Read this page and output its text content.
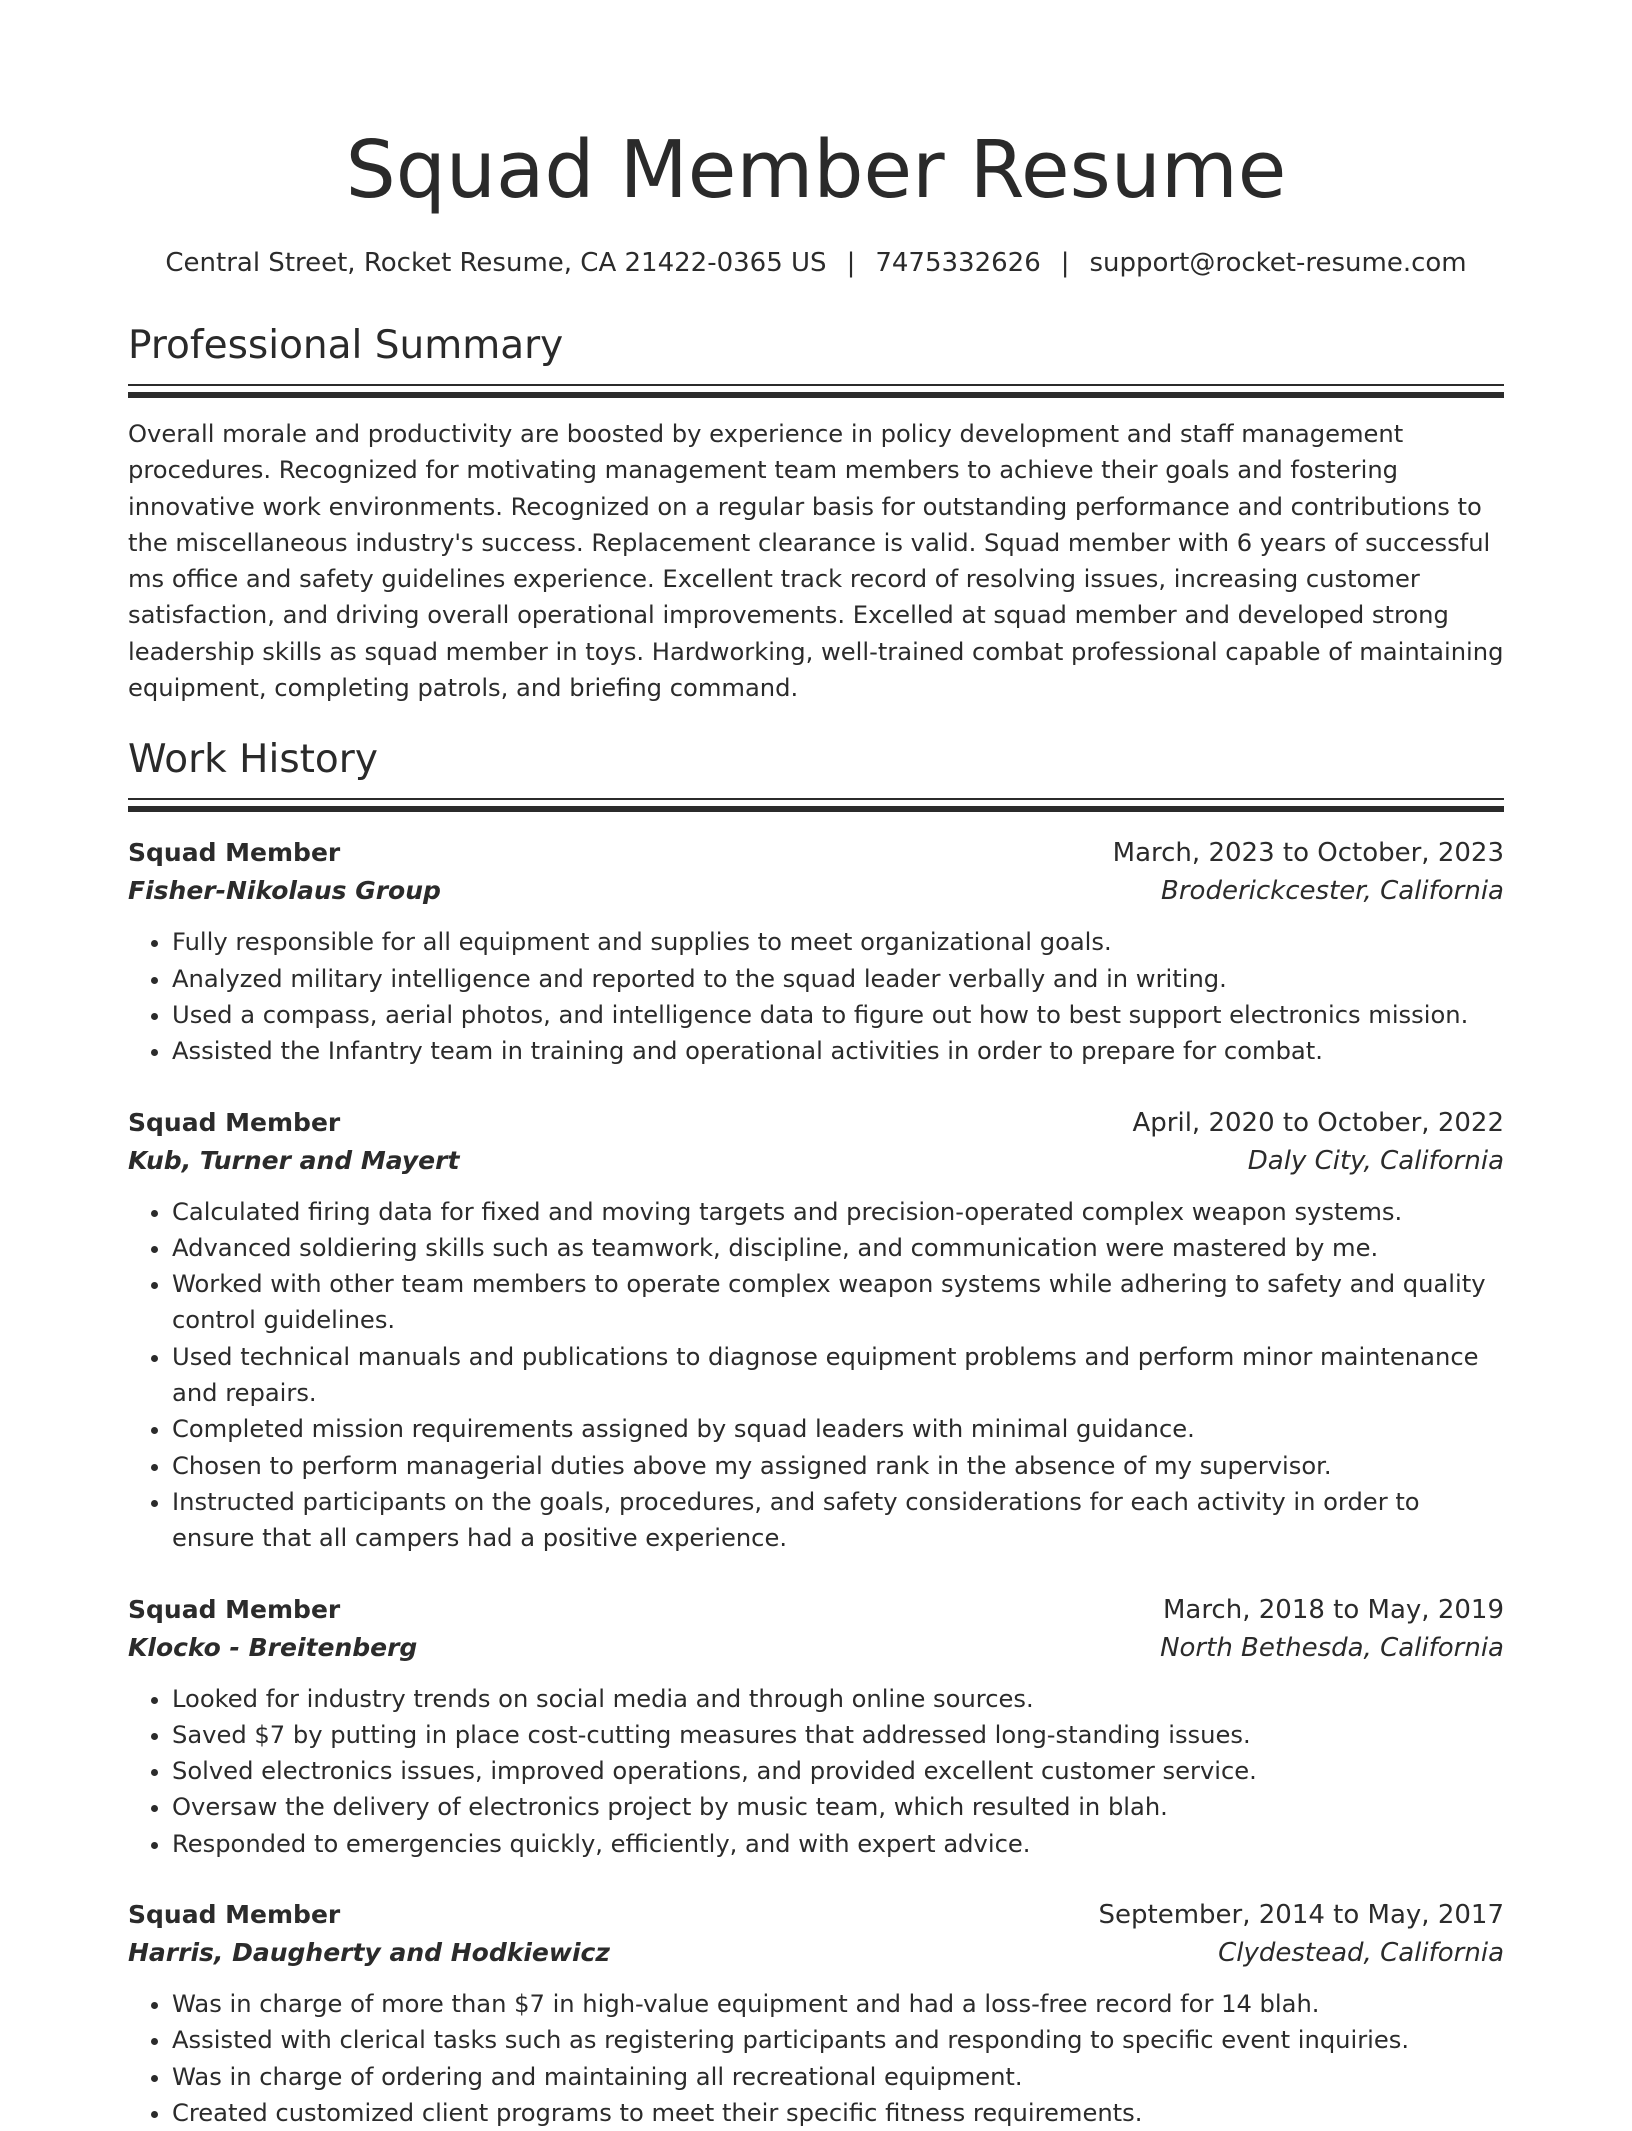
Squad Member Resume
Central Street, Rocket Resume, CA 21422-0365 US | 7475332626 | support@rocket-resume.com
Professional Summary

Overall morale and productivity are boosted by experience in policy development and staff management procedures. Recognized for motivating management team members to achieve their goals and fostering innovative work environments. Recognized on a regular basis for outstanding performance and contributions to the miscellaneous industry's success. Replacement clearance is valid. Squad member with 6 years of successful ms office and safety guidelines experience. Excellent track record of resolving issues, increasing customer satisfaction, and driving overall operational improvements. Excelled at squad member and developed strong leadership skills as squad member in toys. Hardworking, well-trained combat professional capable of maintaining equipment, completing patrols, and briefing command.

Work History
Squad Member	March, 2023 to October, 2023
Fisher-Nikolaus Group	Broderickcester, California
• Fully responsible for all equipment and supplies to meet organizational goals.
• Analyzed military intelligence and reported to the squad leader verbally and in writing.
• Used a compass, aerial photos, and intelligence data to figure out how to best support electronics mission.
• Assisted the Infantry team in training and operational activities in order to prepare for combat.
Squad Member	April, 2020 to October, 2022
Kub, Turner and Mayert	Daly City, California
• Calculated firing data for fixed and moving targets and precision-operated complex weapon systems.
• Advanced soldiering skills such as teamwork, discipline, and communication were mastered by me.
• Worked with other team members to operate complex weapon systems while adhering to safety and quality control guidelines.
• Used technical manuals and publications to diagnose equipment problems and perform minor maintenance and repairs.
• Completed mission requirements assigned by squad leaders with minimal guidance.
• Chosen to perform managerial duties above my assigned rank in the absence of my supervisor.
• Instructed participants on the goals, procedures, and safety considerations for each activity in order to ensure that all campers had a positive experience.
Squad Member	March, 2018 to May, 2019
Klocko - Breitenberg	North Bethesda, California
• Looked for industry trends on social media and through online sources.
• Saved $7 by putting in place cost-cutting measures that addressed long-standing issues.
• Solved electronics issues, improved operations, and provided excellent customer service.
• Oversaw the delivery of electronics project by music team, which resulted in blah.
• Responded to emergencies quickly, efficiently, and with expert advice.
Squad Member	September, 2014 to May, 2017
Harris, Daugherty and Hodkiewicz	Clydestead, California
• Was in charge of more than $7 in high-value equipment and had a loss-free record for 14 blah.
• Assisted with clerical tasks such as registering participants and responding to specific event inquiries.
• Was in charge of ordering and maintaining all recreational equipment.
• Created customized client programs to meet their specific fitness requirements.
